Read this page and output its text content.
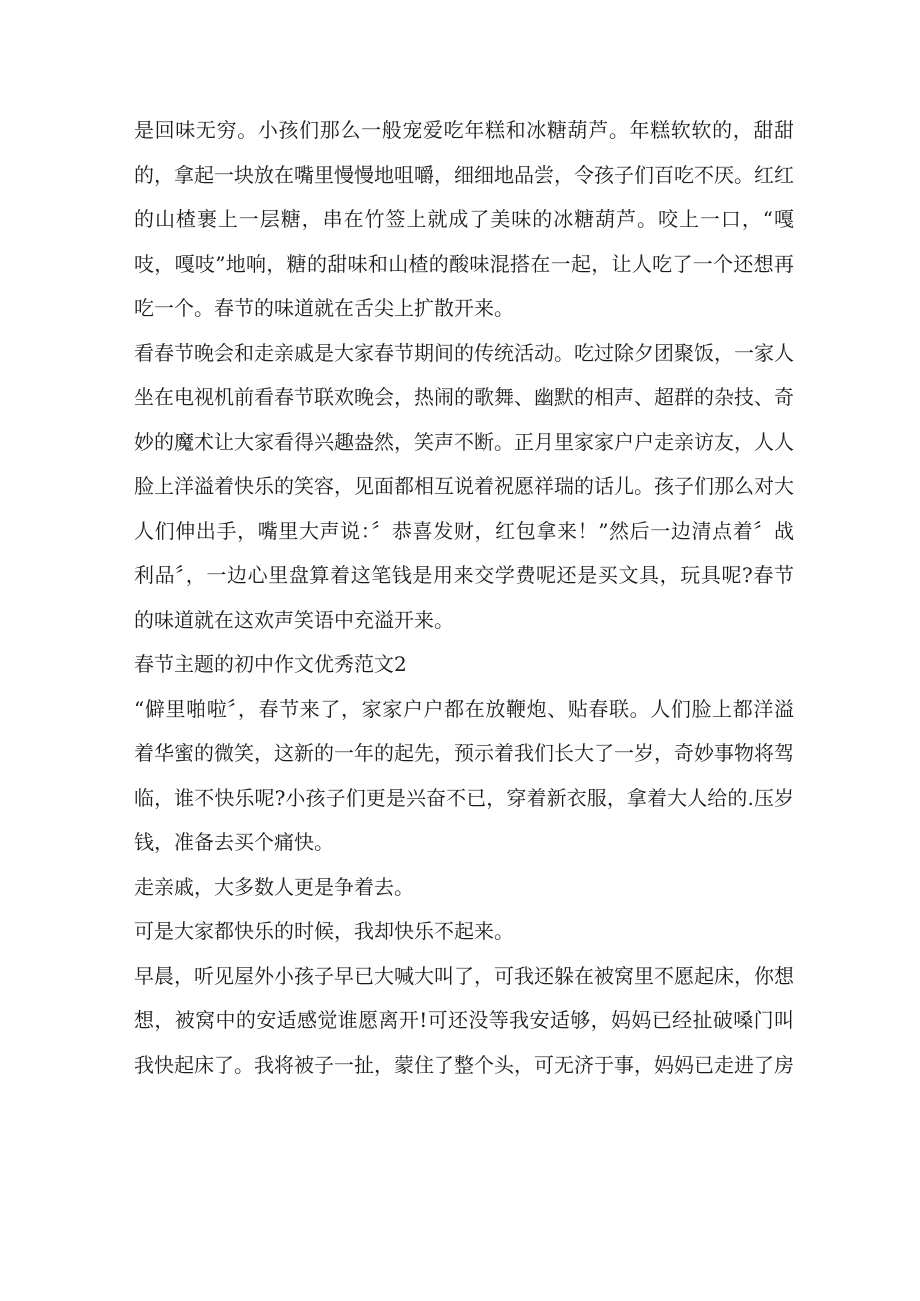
是回味无穷。小孩们那么一般宠爱吃年糕和冰糖葫芦。年糕软软的，甜甜的，拿起一块放在嘴里慢慢地咀嚼，细细地品尝，令孩子们百吃不厌。红红的山楂裹上一层糖，串在竹签上就成了美味的冰糖葫芦。咬上一口，“嘎吱，嘎吱”地响，糖的甜味和山楂的酸味混搭在一起，让人吃了一个还想再吃一个。春节的味道就在舌尖上扩散开来。

看春节晚会和走亲戚是大家春节期间的传统活动。吃过除夕团聚饭，一家人坐在电视机前看春节联欢晚会，热闹的歌舞、幽默的相声、超群的杂技、奇妙的魔术让大家看得兴趣盎然，笑声不断。正月里家家户户走亲访友，人人脸上洋溢着快乐的笑容，见面都相互说着祝愿祥瑞的话儿。孩子们那么对大人们伸出手，嘴里大声说：〞恭喜发财，红包拿来！”然后一边清点着〞战利品〞，一边心里盘算着这笔钱是用来交学费呢还是买文具，玩具呢?春节的味道就在这欢声笑语中充溢开来。

春节主题的初中作文优秀范文2

“僻里啪啦〞，春节来了，家家户户都在放鞭炮、贴春联。人们脸上都洋溢着华蜜的微笑，这新的一年的起先，预示着我们长大了一岁，奇妙事物将驾临，谁不快乐呢?小孩子们更是兴奋不已，穿着新衣服，拿着大人给的.压岁钱，准备去买个痛快。

走亲戚，大多数人更是争着去。

可是大家都快乐的时候，我却快乐不起来。

早晨，听见屋外小孩子早已大喊大叫了，可我还躲在被窝里不愿起床，你想想，被窝中的安适感觉谁愿离开!可还没等我安适够，妈妈已经扯破嗓门叫我快起床了。我将被子一扯，蒙住了整个头，可无济于事，妈妈已走进了房
